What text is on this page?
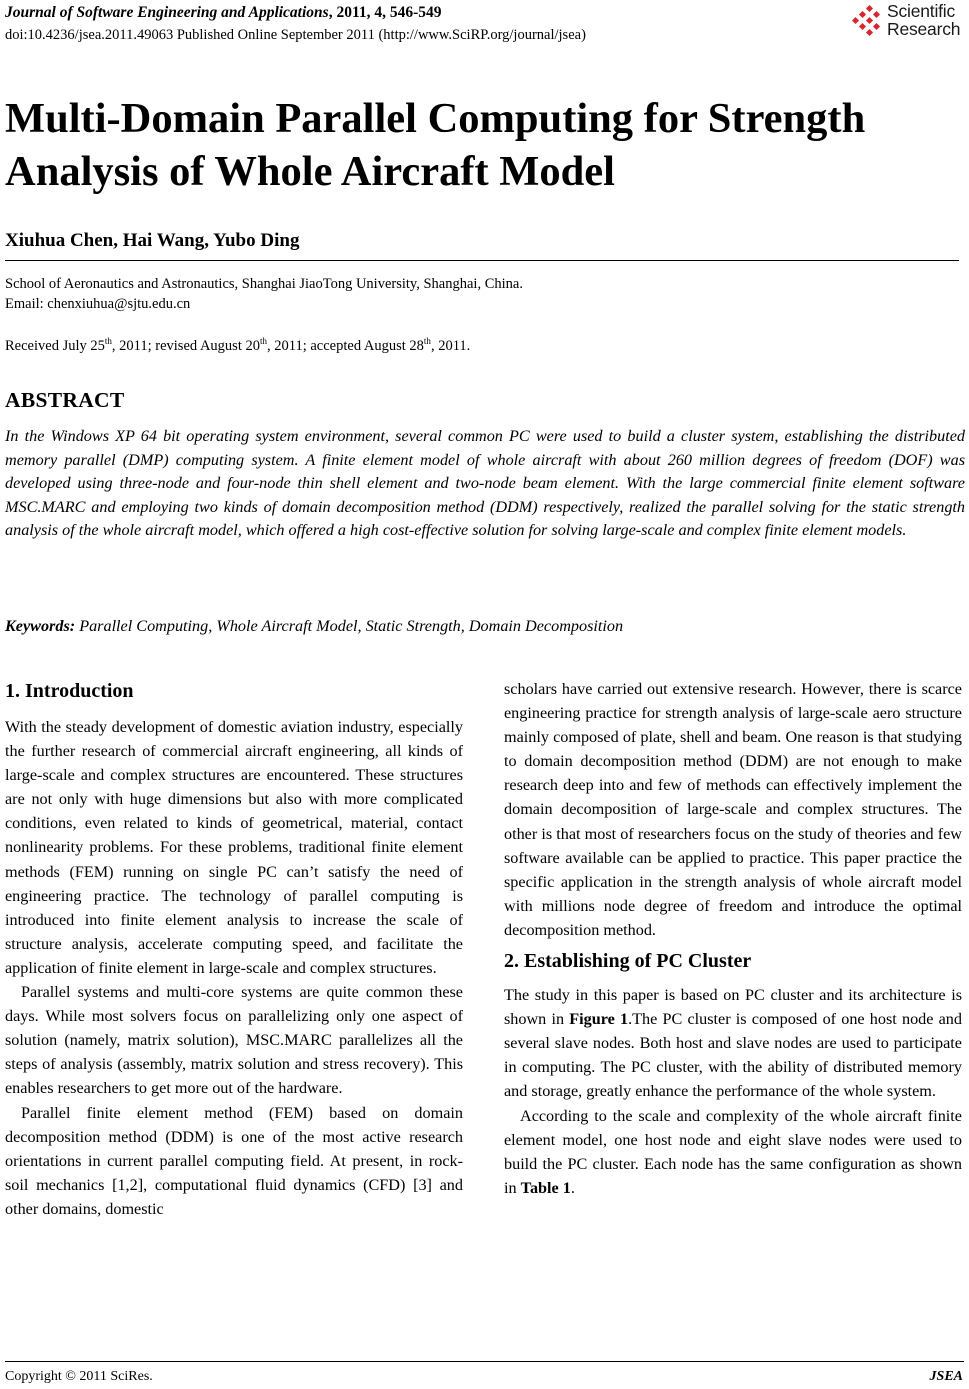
Journal of Software Engineering and Applications, 2011, 4, 546-549
doi:10.4236/jsea.2011.49063 Published Online September 2011 (http://www.SciRP.org/journal/jsea)
Scientific
Research
Multi-Domain Parallel Computing for Strength Analysis of Whole Aircraft Model
Xiuhua Chen, Hai Wang, Yubo Ding
School of Aeronautics and Astronautics, Shanghai JiaoTong University, Shanghai, China.
Email: chenxiuhua@sjtu.edu.cn
Received July 25th, 2011; revised August 20th, 2011; accepted August 28th, 2011.
ABSTRACT

In the Windows XP 64 bit operating system environment, several common PC were used to build a cluster system, establishing the distributed memory parallel (DMP) computing system. A finite element model of whole aircraft with about 260 million degrees of freedom (DOF) was developed using three-node and four-node thin shell element and two-node beam element. With the large commercial finite element software MSC.MARC and employing two kinds of domain decomposition method (DDM) respectively, realized the parallel solving for the static strength analysis of the whole aircraft model, which offered a high cost-effective solution for solving large-scale and complex finite element models.

Keywords: Parallel Computing, Whole Aircraft Model, Static Strength, Domain Decomposition
1. Introduction

With the steady development of domestic aviation industry, especially the further research of commercial aircraft engineering, all kinds of large-scale and complex structures are encountered. These structures are not only with huge dimensions but also with more complicated conditions, even related to kinds of geometrical, material, contact nonlinearity problems. For these problems, traditional finite element methods (FEM) running on single PC can’t satisfy the need of engineering practice. The technology of parallel computing is introduced into finite element analysis to increase the scale of structure analysis, accelerate computing speed, and facilitate the application of finite element in large-scale and complex structures.

Parallel systems and multi-core systems are quite common these days. While most solvers focus on parallelizing only one aspect of solution (namely, matrix solution), MSC.MARC parallelizes all the steps of analysis (assembly, matrix solution and stress recovery). This enables researchers to get more out of the hardware.

Parallel finite element method (FEM) based on domain decomposition method (DDM) is one of the most active research orientations in current parallel computing field. At present, in rock-soil mechanics [1,2], computational fluid dynamics (CFD) [3] and other domains, domestic

scholars have carried out extensive research. However, there is scarce engineering practice for strength analysis of large-scale aero structure mainly composed of plate, shell and beam. One reason is that studying to domain decomposition method (DDM) are not enough to make research deep into and few of methods can effectively implement the domain decomposition of large-scale and complex structures. The other is that most of researchers focus on the study of theories and few software available can be applied to practice. This paper practice the specific application in the strength analysis of whole aircraft model with millions node degree of freedom and introduce the optimal decomposition method.

2. Establishing of PC Cluster

The study in this paper is based on PC cluster and its architecture is shown in Figure 1.The PC cluster is composed of one host node and several slave nodes. Both host and slave nodes are used to participate in computing. The PC cluster, with the ability of distributed memory and storage, greatly enhance the performance of the whole system.

According to the scale and complexity of the whole aircraft finite element model, one host node and eight slave nodes were used to build the PC cluster. Each node has the same configuration as shown in Table 1.

Copyright © 2011 SciRes.	JSEA
